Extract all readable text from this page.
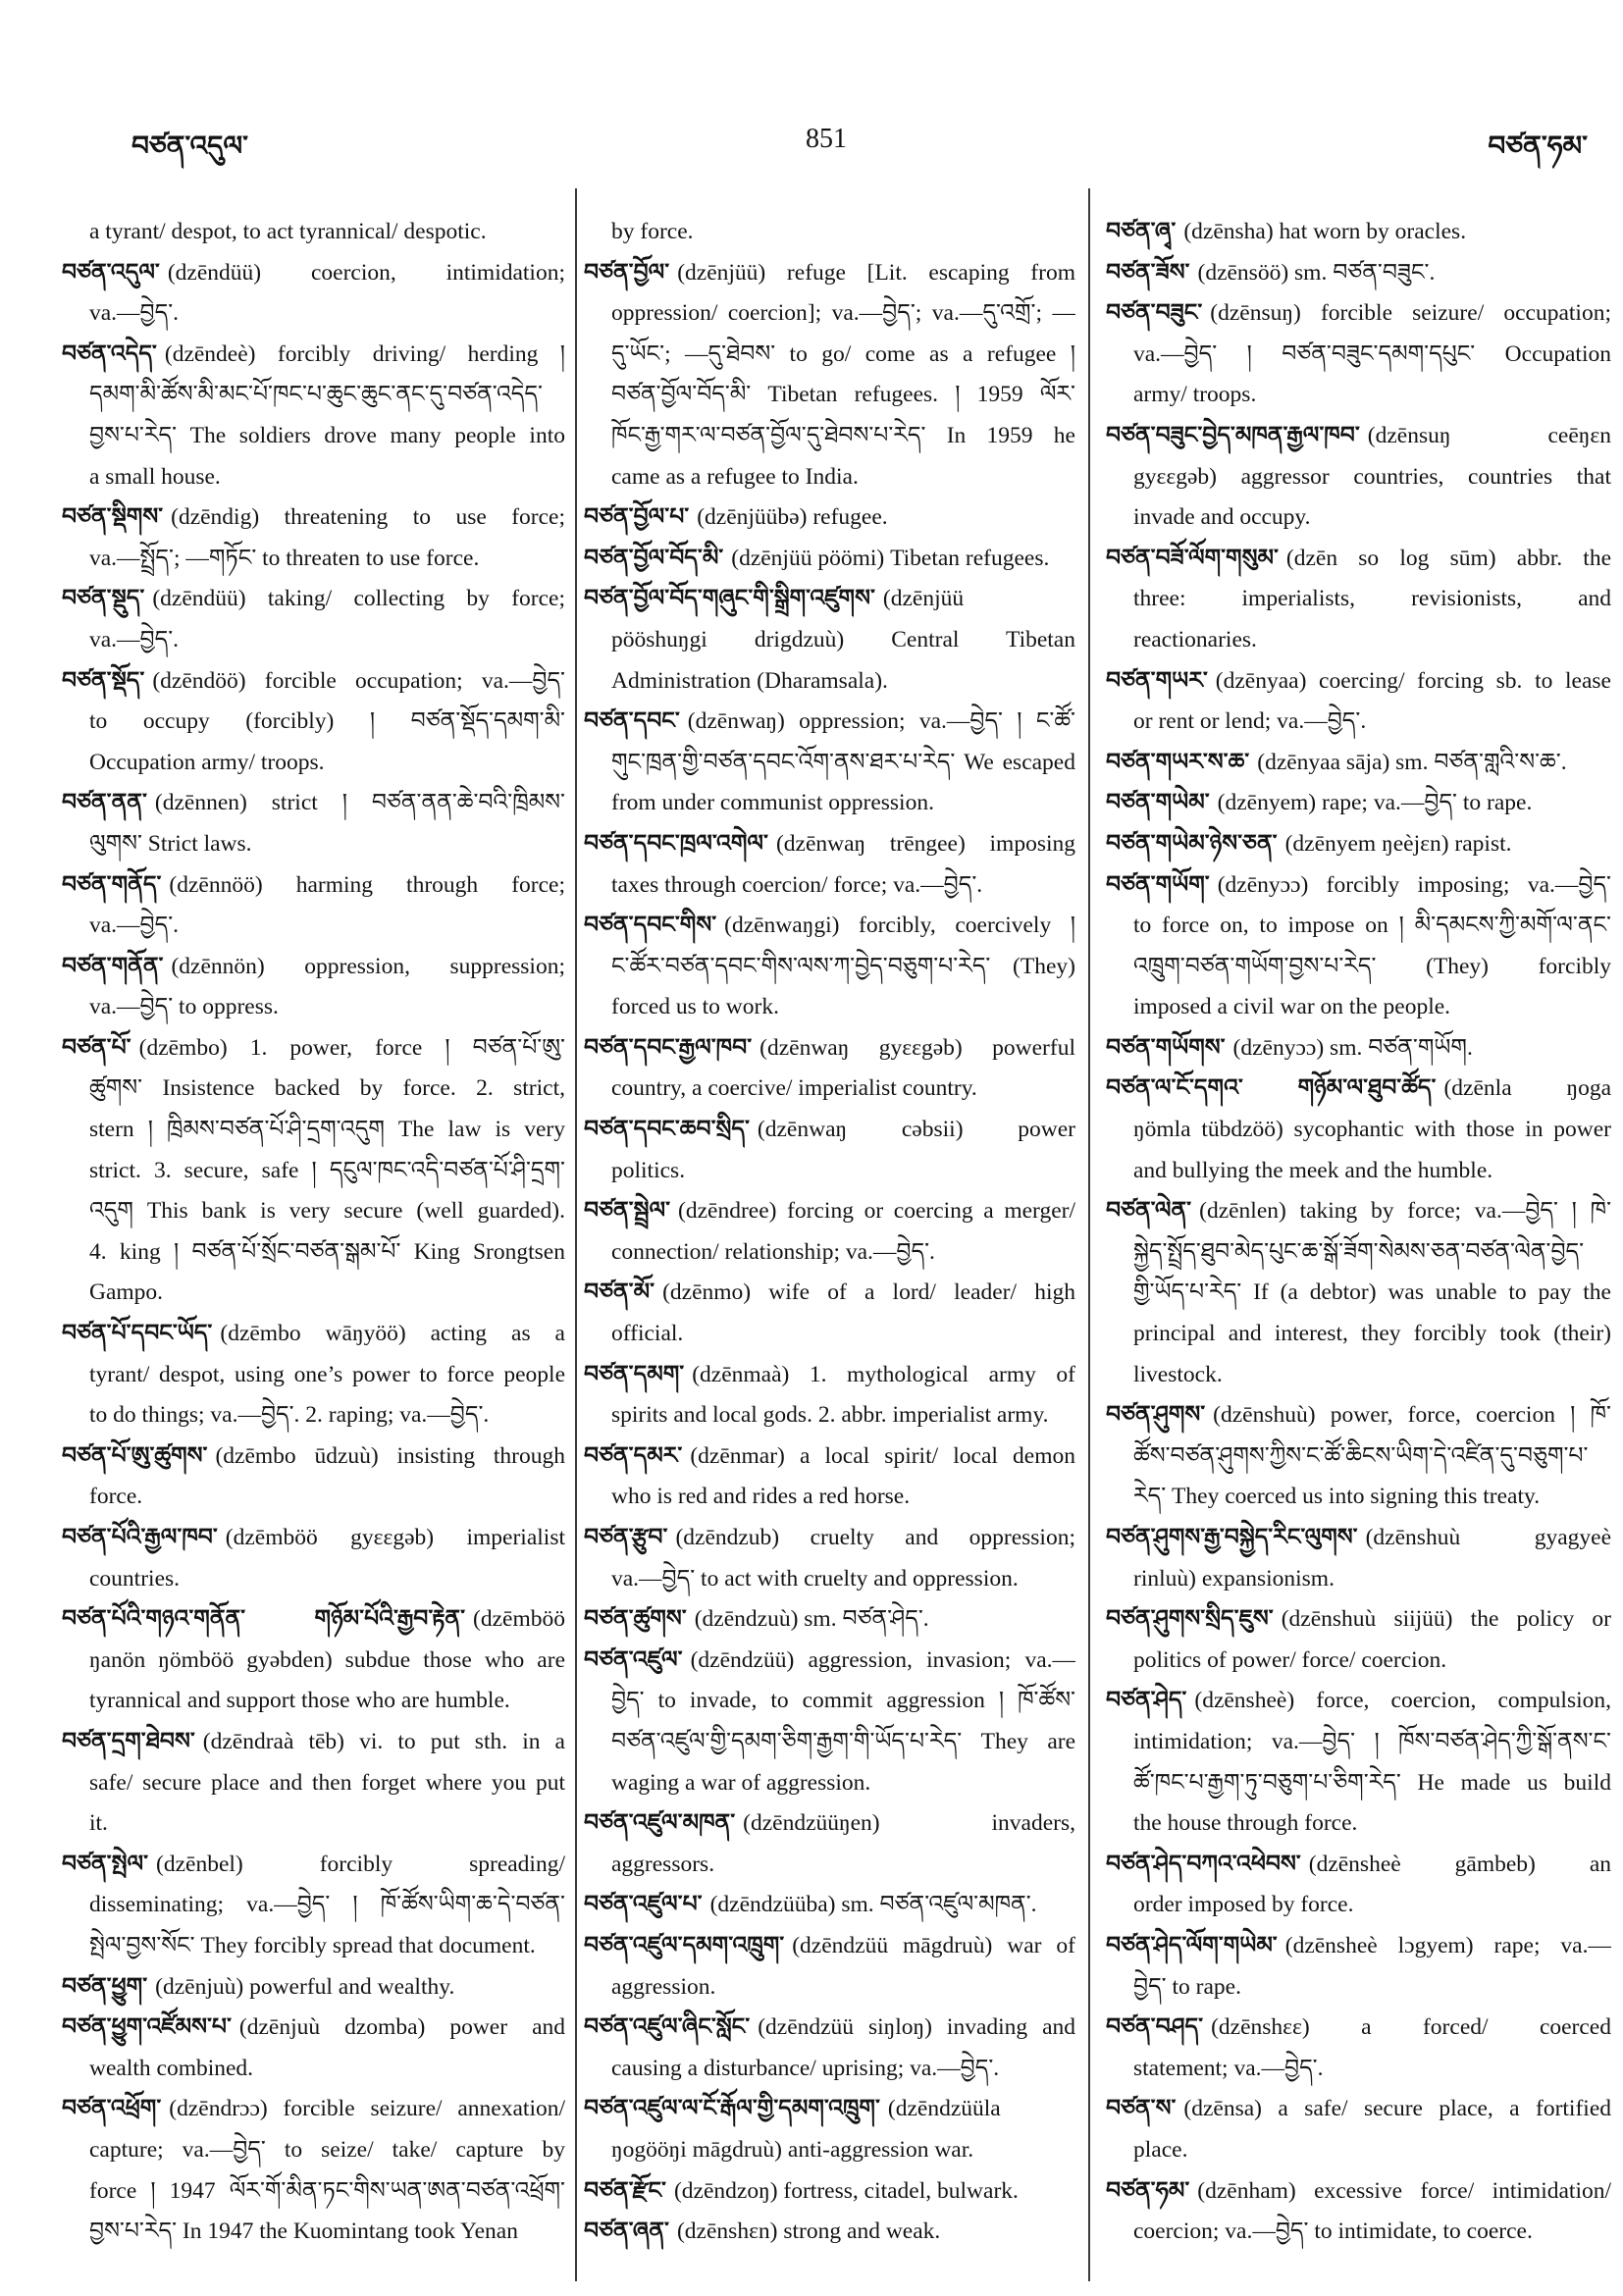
བཙན་འདུལ་	851	བཙན་ཧམ་
a tyrant/ despot, to act tyrannical/ despotic.
བཙན་འདུལ་ (dzēndüü) coercion, intimidation;
va.—བྱེད་.
བཙན་འདེད་ (dzēndeè) forcibly driving/ herding །
དམག་མི་ཚོས་མི་མང་པོ་ཁང་པ་ཆུང་ཆུང་ནང་དུ་བཙན་འདེད་
བྱས་པ་རེད་ The soldiers drove many people into
a small house.
བཙན་སྡིགས་ (dzēndig) threatening to use force;
va.—སྤྲོད་; —གཏོང་ to threaten to use force.
བཙན་སྡུད་ (dzēndüü) taking/ collecting by force;
va.—བྱེད་.
བཙན་སྡོད་ (dzēndöö) forcible occupation; va.—བྱེད་
to occupy (forcibly) ། བཙན་སྡོད་དམག་མི་
Occupation army/ troops.
བཙན་ནན་ (dzēnnen) strict ། བཙན་ནན་ཆེ་བའི་ཁྲིམས་
ལུགས་ Strict laws.
བཙན་གནོད་ (dzēnnöö) harming through force;
va.—བྱེད་.
བཙན་གནོན་ (dzēnnön) oppression, suppression;
va.—བྱེད་ to oppress.
བཙན་པོ་ (dzēmbo) 1. power, force ། བཙན་པོ་ཨུ་
ཚུགས་ Insistence backed by force. 2. strict,
stern ། ཁྲིམས་བཙན་པོ་ཤི་དྲག་འདུག The law is very
strict. 3. secure, safe ། དངུལ་ཁང་འདི་བཙན་པོ་ཤི་དྲག་
འདུག This bank is very secure (well guarded).
4. king ། བཙན་པོ་སྲོང་བཙན་སྒམ་པོ་ King Srongtsen
Gampo.
བཙན་པོ་དབང་ཡོད་ (dzēmbo wāŋyöö) acting as a
tyrant/ despot, using one’s power to force people
to do things; va.—བྱེད་. 2. raping; va.—བྱེད་.
བཙན་པོ་ཨུ་ཚུགས་ (dzēmbo ūdzuù) insisting through
force.
བཙན་པོའི་རྒྱལ་ཁབ་ (dzēmböö gyɛɛgəb) imperialist
countries.
བཙན་པོའི་གཉའ་གནོན་ གཉོམ་པོའི་རྒྱབ་རྟེན་ (dzēmböö
ŋanön ŋömböö gyəbden) subdue those who are
tyrannical and support those who are humble.
བཙན་དྲག་ཐེབས་ (dzēndraà tēb) vi. to put sth. in a
safe/ secure place and then forget where you put
it.
བཙན་སྤེལ་ (dzēnbel) forcibly spreading/
disseminating; va.—བྱེད་ ། ཁོ་ཚོས་ཡིག་ཆ་དེ་བཙན་
སྤེལ་བྱས་སོང་ They forcibly spread that document.
བཙན་ཕྱུག་ (dzēnjuù) powerful and wealthy.
བཙན་ཕྱུག་འཛོམས་པ་ (dzēnjuù dzomba) power and
wealth combined.
བཙན་འཕྲོག་ (dzēndrɔɔ) forcible seizure/ annexation/
capture; va.—བྱེད་ to seize/ take/ capture by
force ། 1947 ལོར་གོ་མིན་ཏང་གིས་ཡན་ཨན་བཙན་འཕྲོག་
བྱས་པ་རེད་ In 1947 the Kuomintang took Yenan
by force.
བཙན་བྱོལ་ (dzēnjüü) refuge [Lit. escaping from
oppression/ coercion]; va.—བྱེད་; va.—དུ་འགྲོ་; —
དུ་ཡོང་; —དུ་ཐེབས་ to go/ come as a refugee །
བཙན་བྱོལ་བོད་མི་ Tibetan refugees. ། 1959 ལོར་
ཁོང་རྒྱ་གར་ལ་བཙན་བྱོལ་དུ་ཐེབས་པ་རེད་ In 1959 he
came as a refugee to India.
བཙན་བྱོལ་པ་ (dzēnjüübə) refugee.
བཙན་བྱོལ་བོད་མི་ (dzēnjüü pöömi) Tibetan refugees.
བཙན་བྱོལ་བོད་གཞུང་གི་སྒྲིག་འཛུགས་ (dzēnjüü
pööshuŋgi drigdzuù) Central Tibetan
Administration (Dharamsala).
བཙན་དབང་ (dzēnwaŋ) oppression; va.—བྱེད་ ། ང་ཚོ་
གུང་ཁྲན་གྱི་བཙན་དབང་འོག་ནས་ཐར་པ་རེད་ We escaped
from under communist oppression.
བཙན་དབང་ཁྲལ་འགེལ་ (dzēnwaŋ trēngee) imposing
taxes through coercion/ force; va.—བྱེད་.
བཙན་དབང་གིས་ (dzēnwaŋgi) forcibly, coercively །
ང་ཚོར་བཙན་དབང་གིས་ལས་ཀ་བྱེད་བཅུག་པ་རེད་ (They)
forced us to work.
བཙན་དབང་རྒྱལ་ཁབ་ (dzēnwaŋ gyɛɛgəb) powerful
country, a coercive/ imperialist country.
བཙན་དབང་ཆབ་སྲིད་ (dzēnwaŋ cəbsii) power
politics.
བཙན་སྦྲེལ་ (dzēndree) forcing or coercing a merger/
connection/ relationship; va.—བྱེད་.
བཙན་མོ་ (dzēnmo) wife of a lord/ leader/ high
official.
བཙན་དམག་ (dzēnmaà) 1. mythological army of
spirits and local gods. 2. abbr. imperialist army.
བཙན་དམར་ (dzēnmar) a local spirit/ local demon
who is red and rides a red horse.
བཙན་རྩུབ་ (dzēndzub) cruelty and oppression;
va.—བྱེད་ to act with cruelty and oppression.
བཙན་ཚུགས་ (dzēndzuù) sm. བཙན་ཤེད་.
བཙན་འཛུལ་ (dzēndzüü) aggression, invasion; va.—
བྱེད་ to invade, to commit aggression ། ཁོ་ཚོས་
བཙན་འཛུལ་གྱི་དམག་ཅིག་རྒྱག་གི་ཡོད་པ་རེད་ They are
waging a war of aggression.
བཙན་འཛུལ་མཁན་ (dzēndzüüŋen) invaders,
aggressors.
བཙན་འཛུལ་པ་ (dzēndzüüba) sm. བཙན་འཛུལ་མཁན་.
བཙན་འཛུལ་དམག་འཁྲུག་ (dzēndzüü māgdruù) war of
aggression.
བཙན་འཛུལ་ཞིང་སློང་ (dzēndzüü siŋloŋ) invading and
causing a disturbance/ uprising; va.—བྱེད་.
བཙན་འཛུལ་ལ་ངོ་རྒོལ་གྱི་དམག་འཁྲུག་ (dzēndzüüla
ŋogööŋi māgdruù) anti-aggression war.
བཙན་རྫོང་ (dzēndzoŋ) fortress, citadel, bulwark.
བཙན་ཞན་ (dzēnshɛn) strong and weak.
བཙན་ཞྭ་ (dzēnsha) hat worn by oracles.
བཙན་ཟོས་ (dzēnsöö) sm. བཙན་བཟུང་.
བཙན་བཟུང་ (dzēnsuŋ) forcible seizure/ occupation;
va.—བྱེད་ ། བཙན་བཟུང་དམག་དཔུང་ Occupation
army/ troops.
བཙན་བཟུང་བྱེད་མཁན་རྒྱལ་ཁབ་ (dzēnsuŋ ceēŋɛn
gyɛɛgəb) aggressor countries, countries that
invade and occupy.
བཙན་བཟོ་ལོག་གསུམ་ (dzēn so log sūm) abbr. the
three: imperialists, revisionists, and
reactionaries.
བཙན་གཡར་ (dzēnyaa) coercing/ forcing sb. to lease
or rent or lend; va.—བྱེད་.
བཙན་གཡར་ས་ཆ་ (dzēnyaa sāja) sm. བཙན་གླའི་ས་ཆ་.
བཙན་གཡེམ་ (dzēnyem) rape; va.—བྱེད་ to rape.
བཙན་གཡེམ་ཉེས་ཅན་ (dzēnyem ŋeèjɛn) rapist.
བཙན་གཡོག་ (dzēnyɔɔ) forcibly imposing; va.—བྱེད་
to force on, to impose on ། མི་དམངས་ཀྱི་མགོ་ལ་ནང་
འཁྲུག་བཙན་གཡོག་བྱས་པ་རེད་ (They) forcibly
imposed a civil war on the people.
བཙན་གཡོགས་ (dzēnyɔɔ) sm. བཙན་གཡོག.
བཙན་ལ་ངོ་དགའ་ གཉོམ་ལ་ཐུབ་ཚོད་ (dzēnla ŋoga
ŋömla tübdzöö) sycophantic with those in power
and bullying the meek and the humble.
བཙན་ལེན་ (dzēnlen) taking by force; va.—བྱེད་ ། ཁེ་
སྐྱེད་སྤྲོད་ཐུབ་མེད་པུང་ཆ་སྒོ་ཟོག་སེམས་ཅན་བཙན་ལེན་བྱེད་
གྱི་ཡོད་པ་རེད་ If (a debtor) was unable to pay the
principal and interest, they forcibly took (their)
livestock.
བཙན་ཤུགས་ (dzēnshuù) power, force, coercion ། ཁོ་
ཚོས་བཙན་ཤུགས་ཀྱིས་ང་ཚོ་ཆིངས་ཡིག་དེ་འཛིན་དུ་བཅུག་པ་
རེད་ They coerced us into signing this treaty.
བཙན་ཤུགས་རྒྱ་བསྐྱེད་རིང་ལུགས་ (dzēnshuù gyagyeè
rinluù) expansionism.
བཙན་ཤུགས་སྲིད་ཇུས་ (dzēnshuù siijüü) the policy or
politics of power/ force/ coercion.
བཙན་ཤེད་ (dzēnsheè) force, coercion, compulsion,
intimidation; va.—བྱེད་ ། ཁོས་བཙན་ཤེད་ཀྱི་སྒོ་ནས་ང་
ཚོ་ཁང་པ་རྒྱག་ཏུ་བཅུག་པ་ཅིག་རེད་ He made us build
the house through force.
བཙན་ཤེད་བཀའ་འཕེབས་ (dzēnsheè gāmbeb) an
order imposed by force.
བཙན་ཤེད་ལོག་གཡེམ་ (dzēnsheè lɔgyem) rape; va.—
བྱེད་ to rape.
བཙན་བཤད་ (dzēnshɛɛ) a forced/ coerced
statement; va.—བྱེད་.
བཙན་ས་ (dzēnsa) a safe/ secure place, a fortified
place.
བཙན་ཧམ་ (dzēnham) excessive force/ intimidation/
coercion; va.—བྱེད་ to intimidate, to coerce.
